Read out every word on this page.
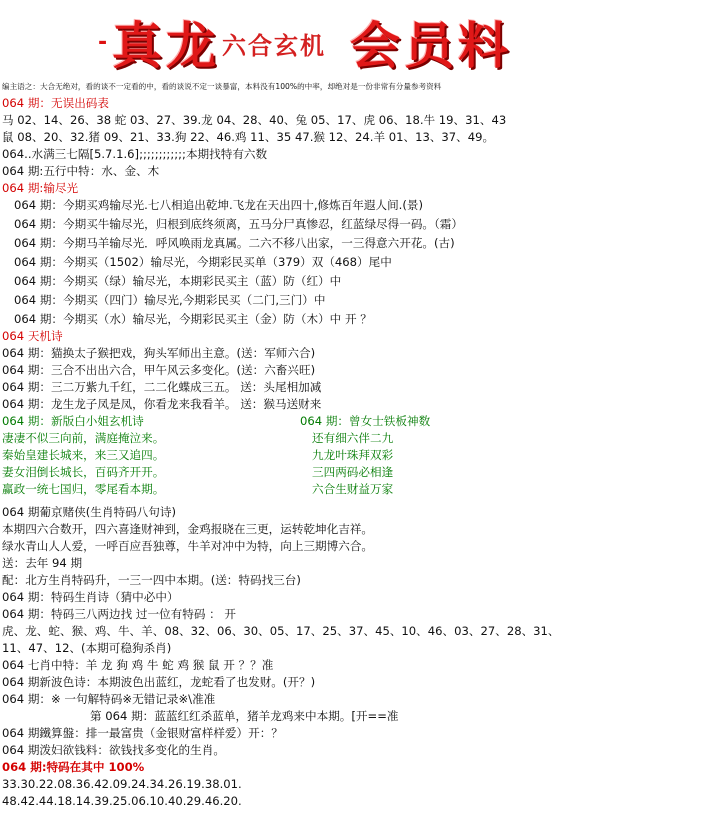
- 真 龙 六合玄机 会 员 料
编主语之：大合无绝对，看的谈不一定看的中，看的谈说不定一谈暴富，本料没有100%的中率，却绝对是一份非常有分量参考资料
064 期：无误出码表
马 02、14、26、38 蛇 03、27、39.龙 04、28、40、兔 05、17、虎 06、18.牛 19、31、43
鼠 08、20、32.猪 09、21、33.狗 22、46.鸡 11、35 47.猴 12、24.羊 01、13、37、49。
064..水满三七隔[5.7.1.6];;;;;;;;;;;;本期找特有六数
064 期:五行中特：水、金、木
064 期:输尽光
064 期：今期买鸡输尽光.七八相追出乾坤.飞龙在天出四十,修炼百年遐人间.(景)
064 期：今期买牛输尽光，归根到底终须离，五马分尸真惨忍，红蓝绿尽得一码。（霜）
064 期：今期马羊输尽光．呼风唤雨龙真属。二六不移八出家，一三得意六开花。(古)
064 期：今期买（1502）输尽光，今期彩民买单（379）双（468）尾中
064 期：今期买（绿）输尽光，本期彩民买主（蓝）防（红）中
064 期：今期买（四门）输尽光,今期彩民买（二门,三门）中
064 期：今期买（水）输尽光，今期彩民买主（金）防（木）中 开 ？
064 天机诗
064 期：猫换太子猴把戏，狗头军师出主意。(送：军师六合)
064 期：三合不出出六合，甲午风云多变化。(送：六畜兴旺)
064 期：三二万紫九千红，二二化蝶成三五。 送：头尾相加减
064 期：龙生龙子凤是凤，你看龙来我看羊。 送：猴马送财来
064 期：新版白小姐玄机诗
凄凄不似三向前，满庭掩泣来。
秦始皇建长城来，来三又追四。
妻女泪倒长城长，百码齐开开。
赢政一统七国归，零尾看本期。
064 期：曾女士铁板神数
还有细六伴二九
九龙叶珠拜双彩
三四两码必相逢
六合生财益万家
064 期葡京赌侠(生肖特码八句诗)
本期四六合数开，四六喜逢财神到，金鸡报晓在三更，运转乾坤化吉祥。
绿水青山人人爱，一呼百应吾独尊，牛羊对冲中为特，向上三期博六合。
送：去年 94 期
配：北方生肖特码升，一三一四中本期。(送：特码找三台)
064 期：特码生肖诗（猜中必中）
064 期：特码三八两边找 过一位有特码 ： 开
虎、龙、蛇、猴、鸡、牛、羊、08、32、06、30、05、17、25、37、45、10、46、03、27、28、31、
11、47、12、(本期可稳狗杀肖)
064 七肖中特：羊 龙 狗 鸡 牛 蛇 鸡 猴 鼠 开 ？？准
064 期新波色诗：本期波色出蓝红，龙蛇看了也发财。(开？)
064 期：※ 一句解特码※无错记录※\准准
第 064 期：蓝蓝红红杀蓝单，猪羊龙鸡来中本期。[开==准
064 期鐵算盤：排一最富贵（金银财富样样爱）开：？
064 期泼妇欲钱料：欲钱找多变化的生肖。
064 期:特码在其中 100%
33.30.22.08.36.42.09.24.34.26.19.38.01.
48.42.44.18.14.39.25.06.10.40.29.46.20.
